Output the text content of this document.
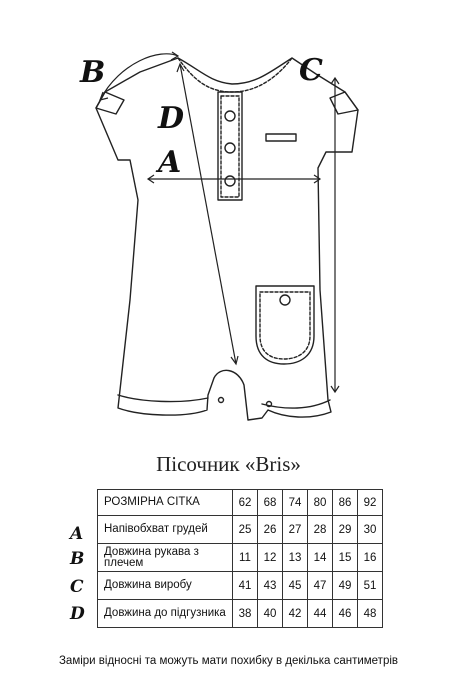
B	C
D
A
Пісочник «Bris»
A
B
C
D
РОЗМІРНА СІТКА	62	68	74	80	86	92
Напівобхват грудей	25	26	27	28	29	30
Довжина рукава з плечем	11	12	13	14	15	16
Довжина виробу	41	43	45	47	49	51
Довжина до підгузника	38	40	42	44	46	48
Заміри відносні та можуть мати похибку в декілька сантиметрів
